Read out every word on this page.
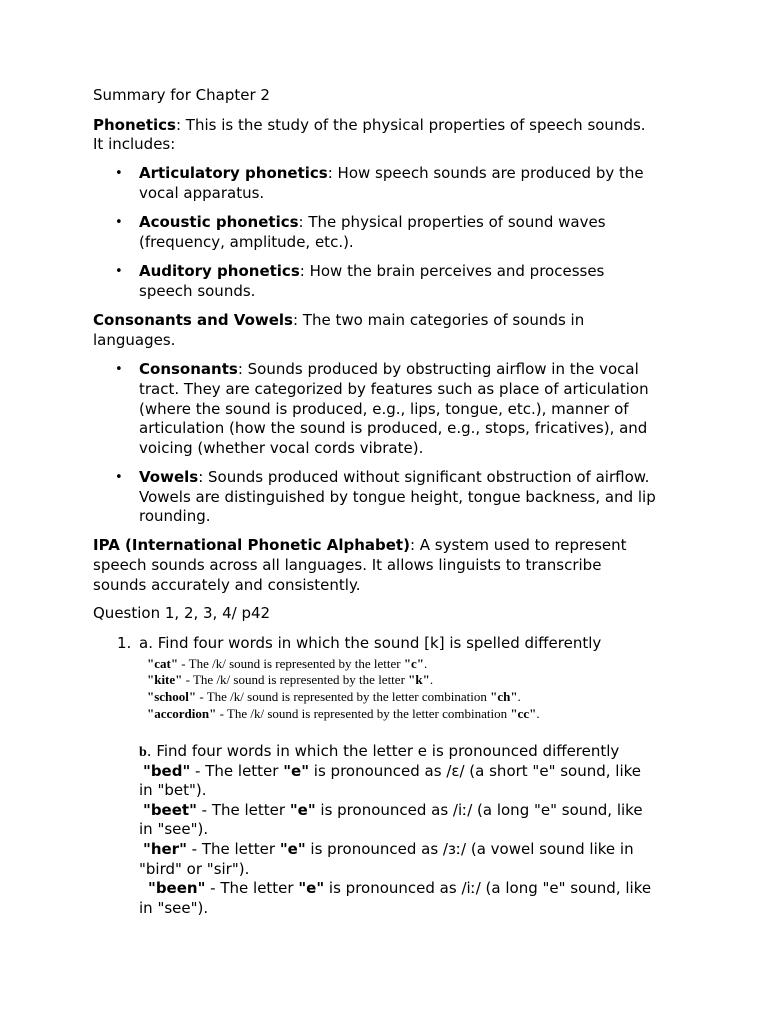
Summary for Chapter 2
Phonetics: This is the study of the physical properties of speech sounds.
It includes:
• Articulatory phonetics: How speech sounds are produced by the
vocal apparatus.
• Acoustic phonetics: The physical properties of sound waves
(frequency, amplitude, etc.).
• Auditory phonetics: How the brain perceives and processes
speech sounds.
Consonants and Vowels: The two main categories of sounds in
languages.
• Consonants: Sounds produced by obstructing airflow in the vocal
tract. They are categorized by features such as place of articulation
(where the sound is produced, e.g., lips, tongue, etc.), manner of
articulation (how the sound is produced, e.g., stops, fricatives), and
voicing (whether vocal cords vibrate).
• Vowels: Sounds produced without significant obstruction of airflow.
Vowels are distinguished by tongue height, tongue backness, and lip
rounding.
IPA (International Phonetic Alphabet): A system used to represent
speech sounds across all languages. It allows linguists to transcribe
sounds accurately and consistently.
Question 1, 2, 3, 4/ p42
1. a. Find four words in which the sound [k] is spelled differently
"cat" - The /k/ sound is represented by the letter "c".
"kite" - The /k/ sound is represented by the letter "k".
"school" - The /k/ sound is represented by the letter combination "ch".
"accordion" - The /k/ sound is represented by the letter combination "cc".
b. Find four words in which the letter e is pronounced differently
"bed" - The letter "e" is pronounced as /ɛ/ (a short "e" sound, like
in "bet").
"beet" - The letter "e" is pronounced as /iː/ (a long "e" sound, like
in "see").
"her" - The letter "e" is pronounced as /ɜː/ (a vowel sound like in
"bird" or "sir").
"been" - The letter "e" is pronounced as /iː/ (a long "e" sound, like
in "see").
